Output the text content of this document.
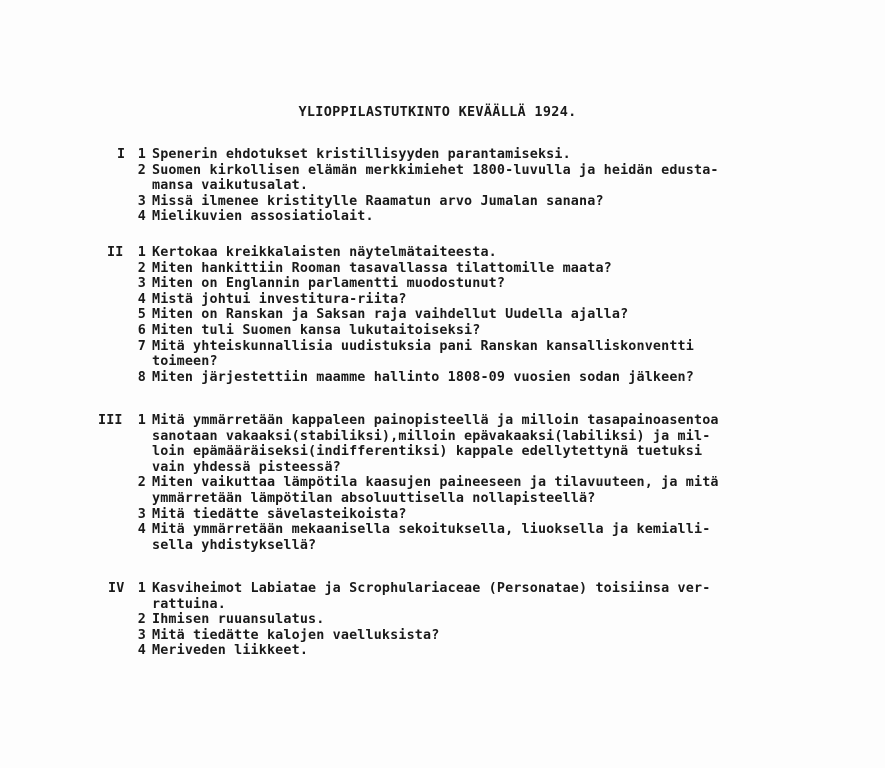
YLIOPPILASTUTKINTO KEVÄÄLLÄ 1924.
I 1 Spenerin ehdotukset kristillisyyden parantamiseksi.
2 Suomen kirkollisen elämän merkkimiehet 1800-luvulla ja heidän edusta-
mansa vaikutusalat.
3 Missä ilmenee kristitylle Raamatun arvo Jumalan sanana?
4 Mielikuvien assosiatiolait.
II	1 Kertokaa kreikkalaisten näytelmätaiteesta.
2 Miten hankittiin Rooman tasavallassa tilattomille maata?
3 Miten on Englannin parlamentti muodostunut?
4 Mistä johtui investitura-riita?
5 Miten on Ranskan ja Saksan raja vaihdellut Uudella ajalla?
6 Miten tuli Suomen kansa lukutaitoiseksi?
7 Mitä yhteiskunnallisia uudistuksia pani Ranskan kansalliskonventti
toimeen?
8 Miten järjestettiin maamme hallinto 1808-09 vuosien sodan jälkeen?
III	1 Mitä ymmärretään kappaleen painopisteellä ja milloin tasapainoasentoa
sanotaan vakaaksi(stabiliksi),milloin epävakaaksi(labiliksi) ja mil-
loin epämääräiseksi(indifferentiksi) kappale edellytettynä tuetuksi
vain yhdessä pisteessä?
2 Miten vaikuttaa lämpötila kaasujen paineeseen ja tilavuuteen, ja mitä
ymmärretään lämpötilan absoluuttisella nollapisteellä?
3 Mitä tiedätte sävelasteikoista?
4 Mitä ymmärretään mekaanisella sekoituksella, liuoksella ja kemialli-
sella yhdistyksellä?
IV 1 Kasviheimot Labiatae ja Scrophulariaceae (Personatae) toisiinsa ver-
rattuina.
2 Ihmisen ruuansulatus.
3 Mitä tiedätte kalojen vaelluksista?
4 Meriveden liikkeet.
